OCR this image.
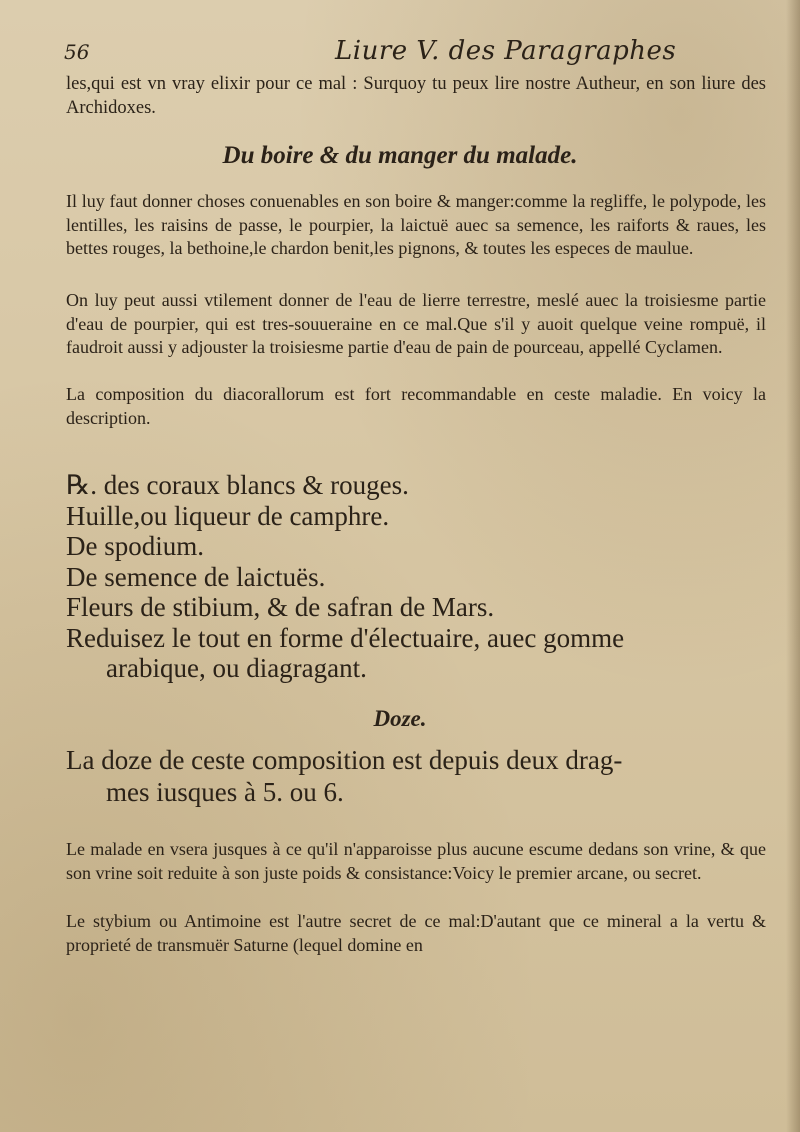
56	Liure V. des Paragraphes

les,qui est vn vray elixir pour ce mal : Surquoy tu peux lire nostre Autheur, en son liure des Archidoxes.

Du boire & du manger du malade.

Il luy faut donner choses conuenables en son boire & manger:comme la regliffe, le polypode, les lentilles, les raisins de passe, le pourpier, la laictuë auec sa semence, les raiforts & raues, les bettes rouges, la bethoine,le chardon benit,les pignons, & toutes les especes de maulue.

On luy peut aussi vtilement donner de l'eau de lierre terrestre, meslé auec la troisiesme partie d'eau de pourpier, qui est tres-souueraine en ce mal.Que s'il y auoit quelque veine rompuë, il faudroit aussi y adjouster la troisiesme partie d'eau de pain de pourceau, appellé Cyclamen.

La composition du diacorallorum est fort recommandable en ceste maladie. En voicy la description.

℞. des coraux blancs & rouges.
Huille,ou liqueur de camphre.
De spodium.
De semence de laictuës.
Fleurs de stibium, & de safran de Mars.
Reduisez le tout en forme d'électuaire, auec gomme
arabique, ou diagragant.
Doze.

La doze de ceste composition est depuis deux drag-
mes iusques à 5. ou 6.

Le malade en vsera jusques à ce qu'il n'apparoisse plus aucune escume dedans son vrine, & que son vrine soit reduite à son juste poids & consistance:Voicy le premier arcane, ou secret.

Le stybium ou Antimoine est l'autre secret de ce mal:D'autant que ce mineral a la vertu & proprieté de transmuër Saturne (lequel domine en
